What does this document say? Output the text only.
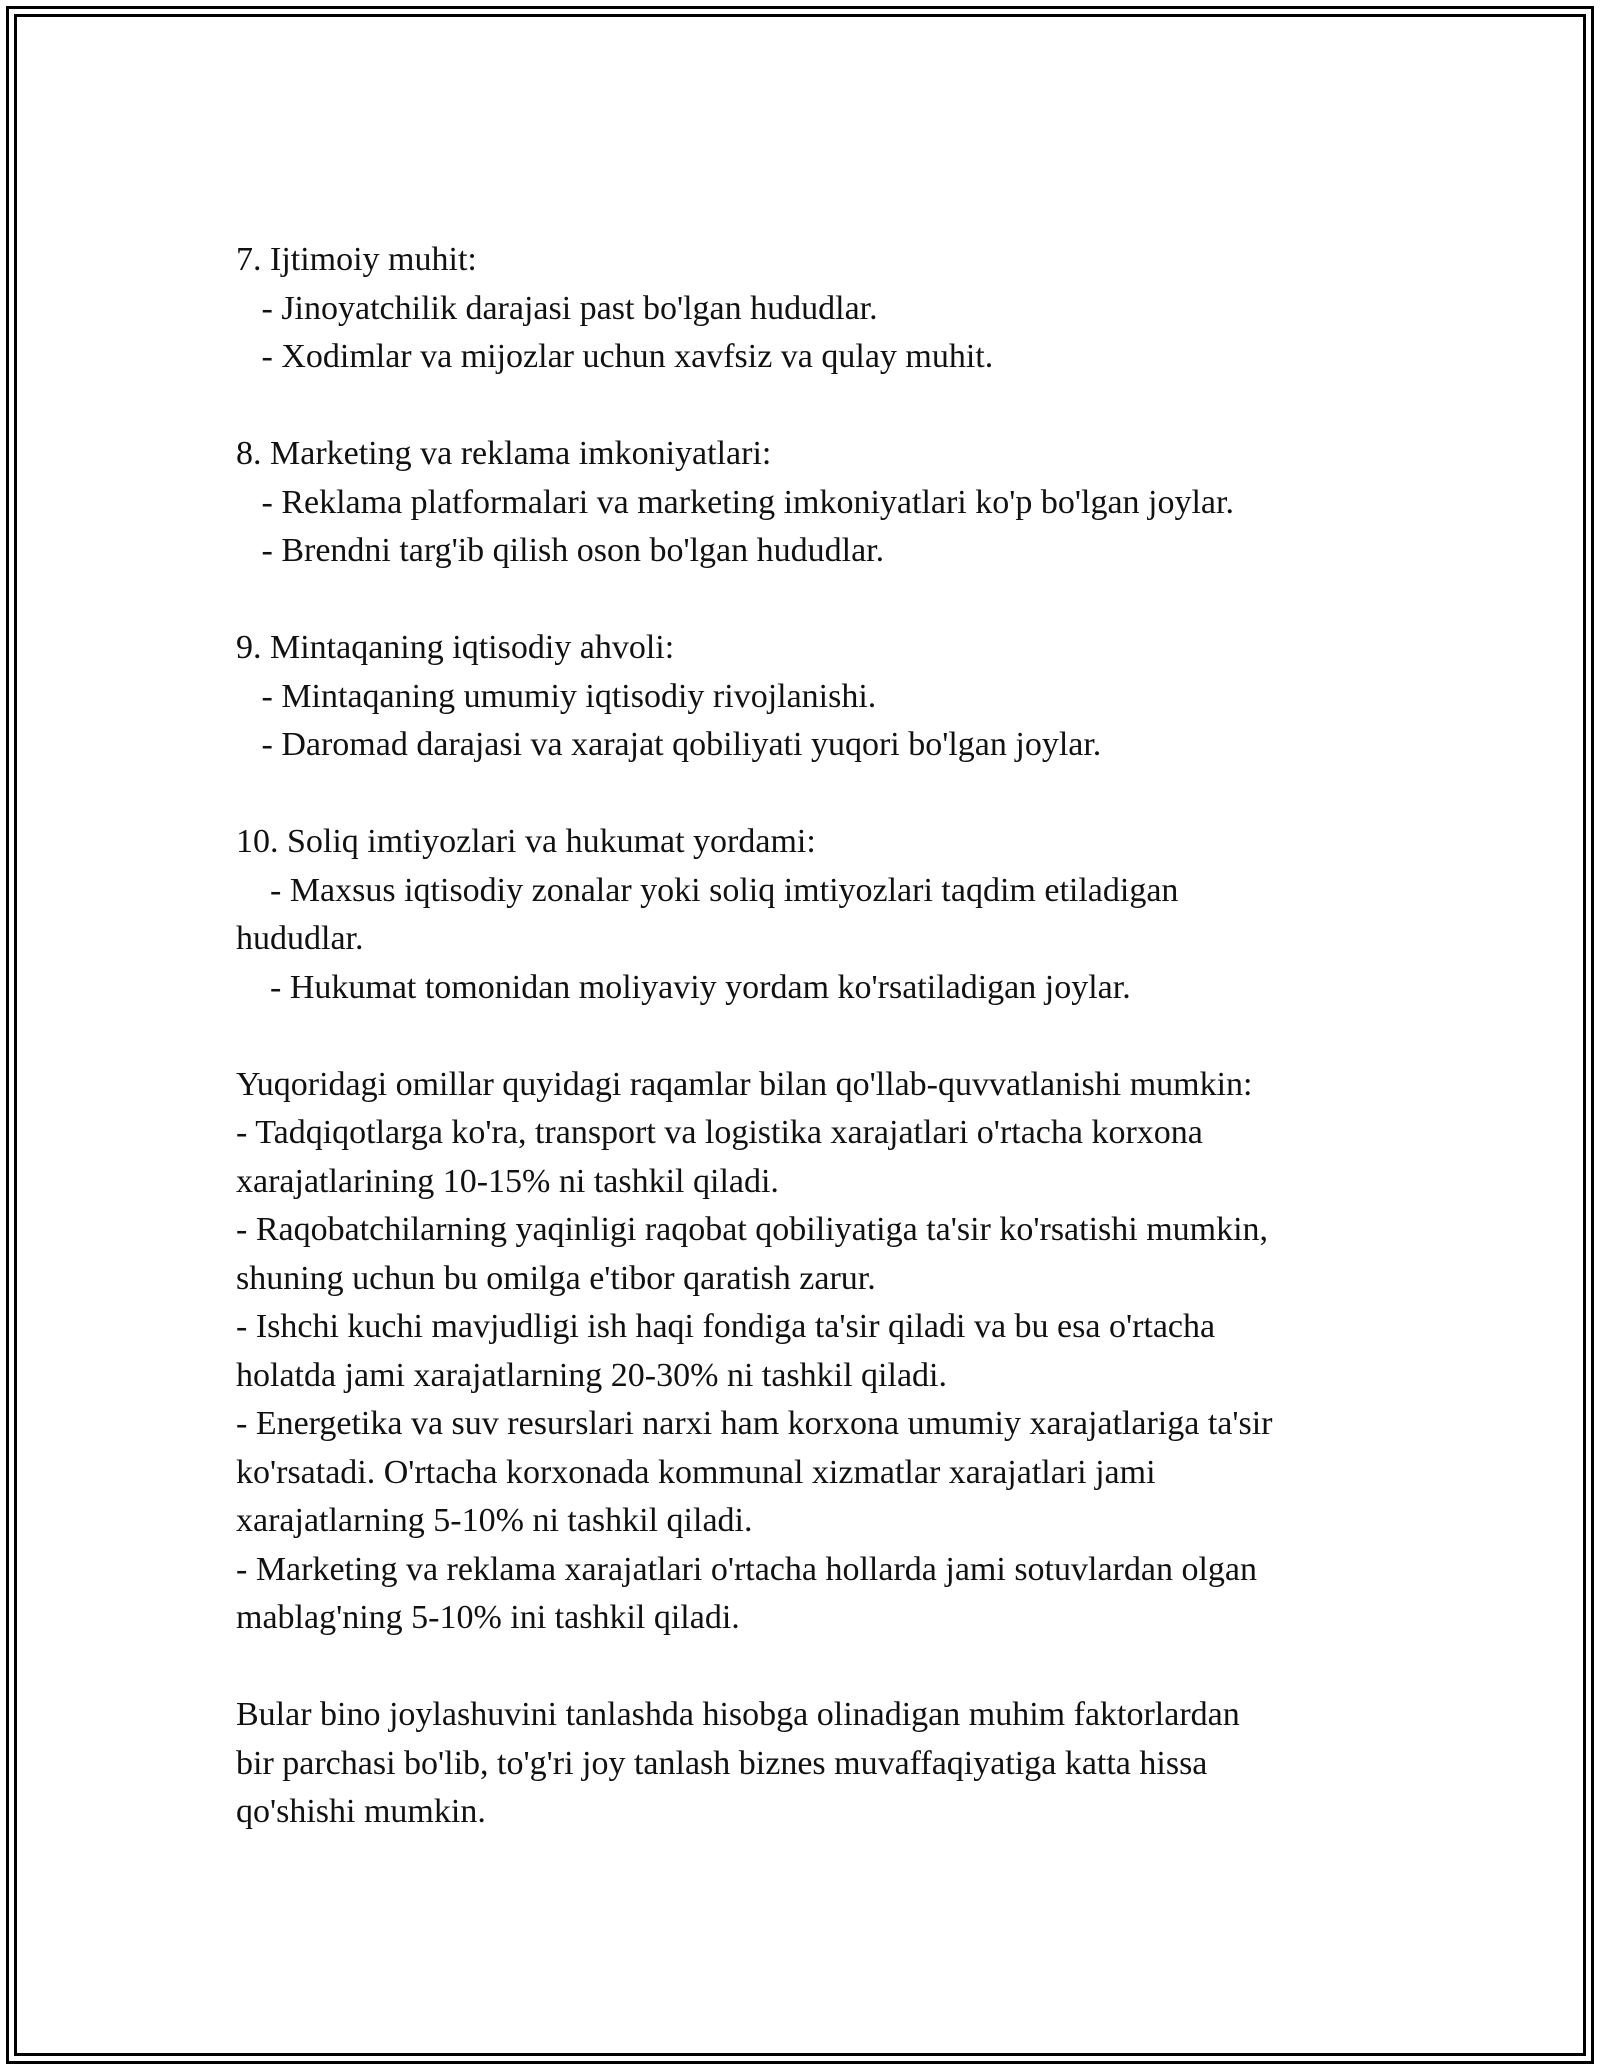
7. Ijtimoiy muhit:
- Jinoyatchilik darajasi past bo'lgan hududlar.
- Xodimlar va mijozlar uchun xavfsiz va qulay muhit.
8. Marketing va reklama imkoniyatlari:
- Reklama platformalari va marketing imkoniyatlari ko'p bo'lgan joylar.
- Brendni targ'ib qilish oson bo'lgan hududlar.
9. Mintaqaning iqtisodiy ahvoli:
- Mintaqaning umumiy iqtisodiy rivojlanishi.
- Daromad darajasi va xarajat qobiliyati yuqori bo'lgan joylar.
10. Soliq imtiyozlari va hukumat yordami:
- Maxsus iqtisodiy zonalar yoki soliq imtiyozlari taqdim etiladigan
hududlar.
- Hukumat tomonidan moliyaviy yordam ko'rsatiladigan joylar.
Yuqoridagi omillar quyidagi raqamlar bilan qo'llab-quvvatlanishi mumkin:
- Tadqiqotlarga ko'ra, transport va logistika xarajatlari o'rtacha korxona
xarajatlarining 10-15% ni tashkil qiladi.
- Raqobatchilarning yaqinligi raqobat qobiliyatiga ta'sir ko'rsatishi mumkin,
shuning uchun bu omilga e'tibor qaratish zarur.
- Ishchi kuchi mavjudligi ish haqi fondiga ta'sir qiladi va bu esa o'rtacha
holatda jami xarajatlarning 20-30% ni tashkil qiladi.
- Energetika va suv resurslari narxi ham korxona umumiy xarajatlariga ta'sir
ko'rsatadi. O'rtacha korxonada kommunal xizmatlar xarajatlari jami
xarajatlarning 5-10% ni tashkil qiladi.
- Marketing va reklama xarajatlari o'rtacha hollarda jami sotuvlardan olgan
mablag'ning 5-10% ini tashkil qiladi.
Bular bino joylashuvini tanlashda hisobga olinadigan muhim faktorlardan
bir parchasi bo'lib, to'g'ri joy tanlash biznes muvaffaqiyatiga katta hissa
qo'shishi mumkin.
